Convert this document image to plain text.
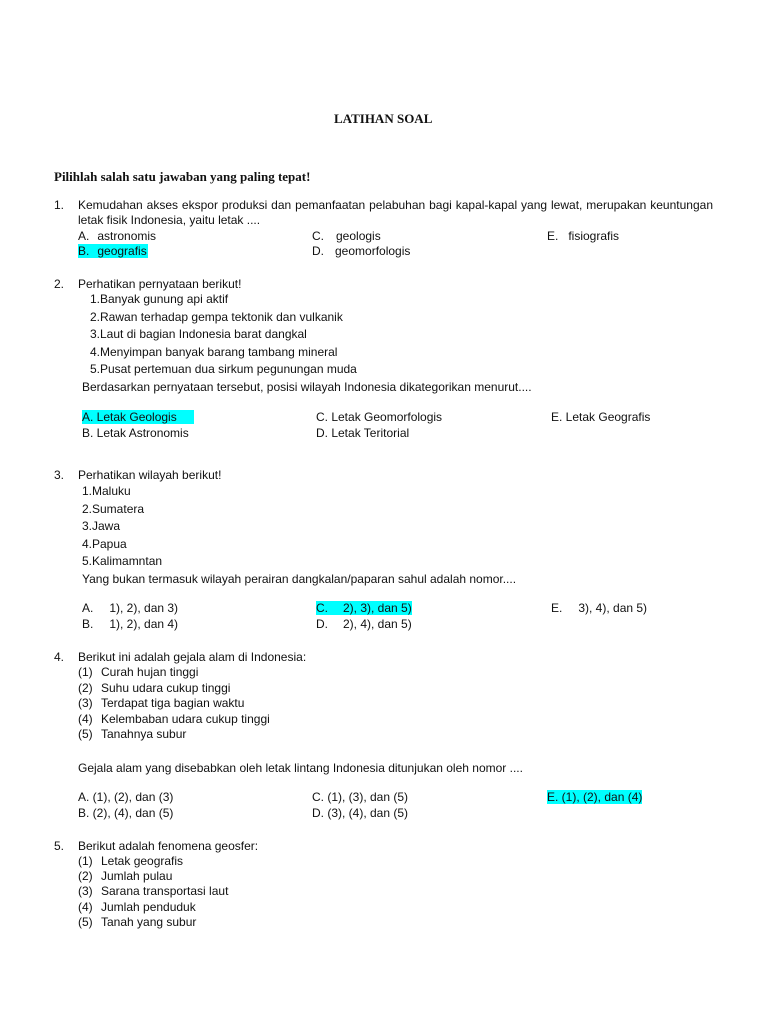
LATIHAN SOAL
Pilihlah salah satu jawaban yang paling tepat!
1. Kemudahan akses ekspor produksi dan pemanfaatan pelabuhan bagi kapal-kapal yang lewat, merupakan keuntungan
letak fisik Indonesia, yaitu letak ....
A. astronomis
B. geografis
C. geologis
D. geomorfologis
E. fisiografis
2. Perhatikan pernyataan berikut!
1.Banyak gunung api aktif
2.Rawan terhadap gempa tektonik dan vulkanik
3.Laut di bagian Indonesia barat dangkal
4.Menyimpan banyak barang tambang mineral
5.Pusat pertemuan dua sirkum pegunungan muda
Berdasarkan pernyataan tersebut, posisi wilayah Indonesia dikategorikan menurut....
A. Letak Geologis
B. Letak Astronomis
C. Letak Geomorfologis
D. Letak Teritorial
E. Letak Geografis
3. Perhatikan wilayah berikut!
1.Maluku
2.Sumatera
3.Jawa
4.Papua
5.Kalimamntan
Yang bukan termasuk wilayah perairan dangkalan/paparan sahul adalah nomor....
A. 1), 2), dan 3)
B. 1), 2), dan 4)
C. 2), 3), dan 5)
D. 2), 4), dan 5)
E. 3), 4), dan 5)
4. Berikut ini adalah gejala alam di Indonesia:
(1) Curah hujan tinggi
(2) Suhu udara cukup tinggi
(3) Terdapat tiga bagian waktu
(4) Kelembaban udara cukup tinggi
(5) Tanahnya subur
Gejala alam yang disebabkan oleh letak lintang Indonesia ditunjukan oleh nomor ....
A. (1), (2), dan (3)
B. (2), (4), dan (5)
C. (1), (3), dan (5)
D. (3), (4), dan (5)
E. (1), (2), dan (4)
5. Berikut adalah fenomena geosfer:
(1) Letak geografis
(2) Jumlah pulau
(3) Sarana transportasi laut
(4) Jumlah penduduk
(5) Tanah yang subur
